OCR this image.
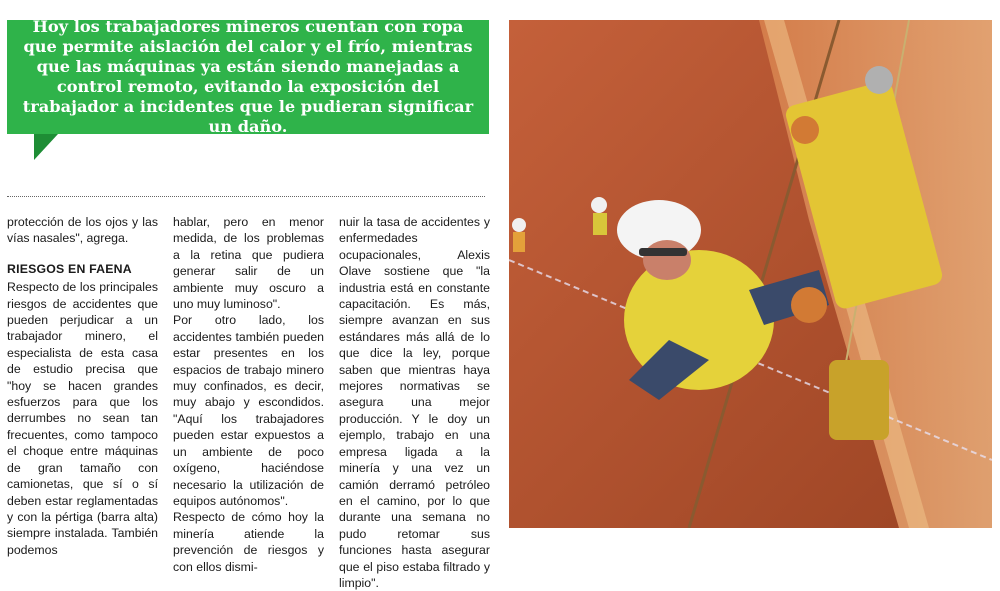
Hoy los trabajadores mineros cuentan con ropa que permite aislación del calor y el frío, mientras que las máquinas ya están siendo manejadas a control remoto, evitando la exposición del trabajador a incidentes que le pudieran significar un daño.

protección de los ojos y las vías nasales", agrega.

RIESGOS EN FAENA

Respecto de los principales riesgos de accidentes que pueden perjudicar a un trabajador minero, el especialista de esta casa de estudio precisa que "hoy se hacen grandes esfuerzos para que los derrumbes no sean tan frecuentes, como tampoco el choque entre máquinas de gran tamaño con camionetas, que sí o sí deben estar reglamentadas y con la pértiga (barra alta) siempre instalada. También podemos

hablar, pero en menor medida, de los problemas a la retina que pudiera generar salir de un ambiente muy oscuro a uno muy luminoso".

Por otro lado, los accidentes también pueden estar presentes en los espacios de trabajo minero muy confinados, es decir, muy abajo y escondidos. "Aquí los trabajadores pueden estar expuestos a un ambiente de poco oxígeno, haciéndose necesario la utilización de equipos autónomos".

Respecto de cómo hoy la minería atiende la prevención de riesgos y con ellos dismi-

nuir la tasa de accidentes y enfermedades ocupacionales, Alexis Olave sostiene que "la industria está en constante capacitación. Es más, siempre avanzan en sus estándares más allá de lo que dice la ley, porque saben que mientras haya mejores normativas se asegura una mejor producción. Y le doy un ejemplo, trabajo en una empresa ligada a la minería y una vez un camión derramó petróleo en el camino, por lo que durante una semana no pudo retomar sus funciones hasta asegurar que el piso estaba filtrado y limpio".
